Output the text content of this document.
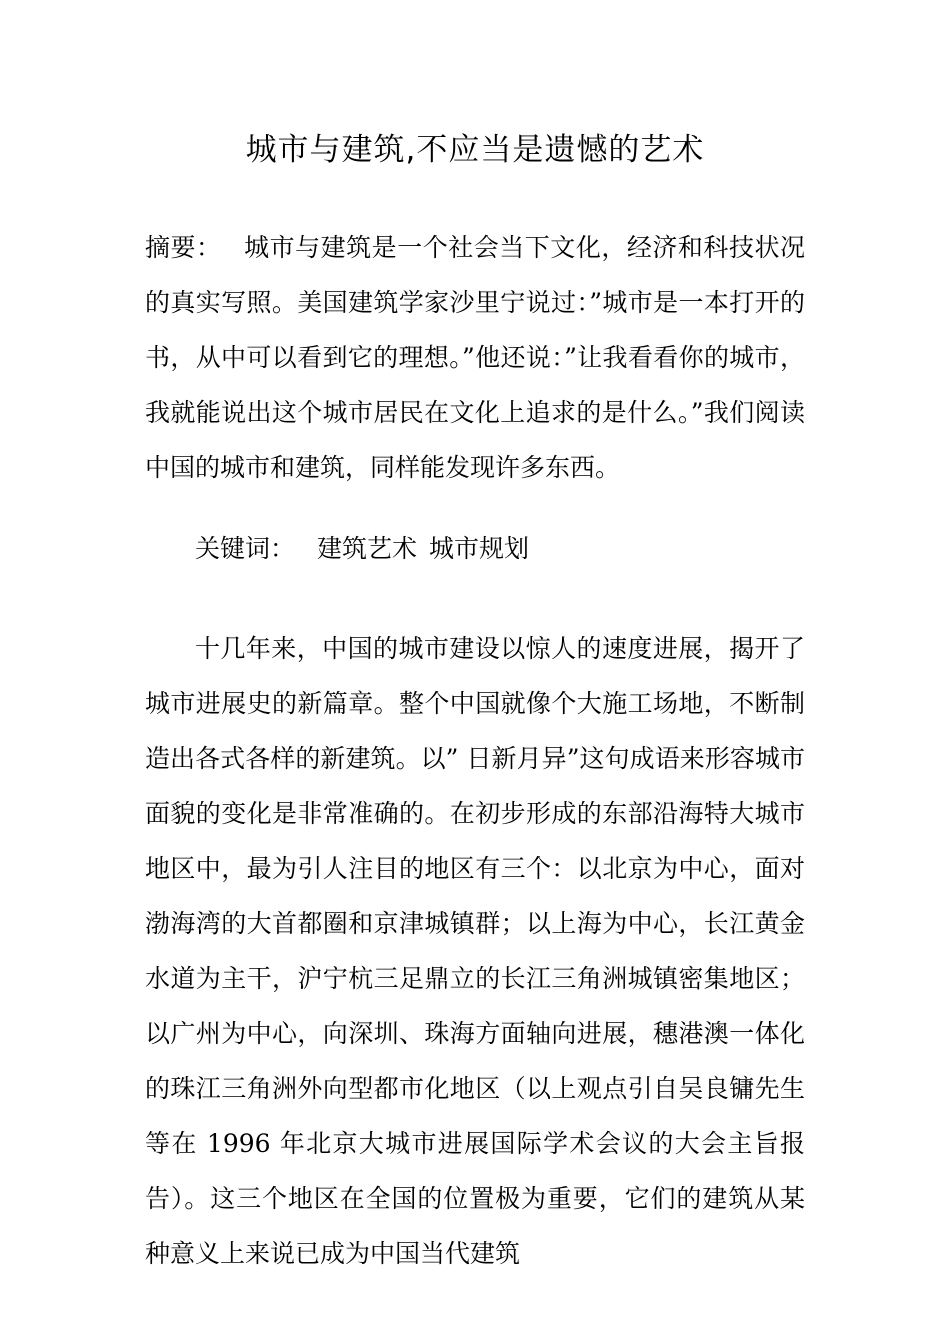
城市与建筑,不应当是遗憾的艺术
摘要： 城市与建筑是一个社会当下文化，经济和科技状况的真实写照。美国建筑学家沙里宁说过：”城市是一本打开的书，从中可以看到它的理想。”他还说：”让我看看你的城市，我就能说出这个城市居民在文化上追求的是什么。”我们阅读中国的城市和建筑，同样能发现许多东西。
关键词： 建筑艺术 城市规划
十几年来，中国的城市建设以惊人的速度进展，揭开了城市进展史的新篇章。整个中国就像个大施工场地，不断制造出各式各样的新建筑。以” 日新月异”这句成语来形容城市面貌的变化是非常准确的。在初步形成的东部沿海特大城市地区中，最为引人注目的地区有三个：以北京为中心，面对渤海湾的大首都圈和京津城镇群；以上海为中心，长江黄金水道为主干，沪宁杭三足鼎立的长江三角洲城镇密集地区；以广州为中心，向深圳、珠海方面轴向进展，穗港澳一体化的珠江三角洲外向型都市化地区（以上观点引自吴良镛先生等在 1996 年北京大城市进展国际学术会议的大会主旨报告）。这三个地区在全国的位置极为重要，它们的建筑从某种意义上来说已成为中国当代建筑
